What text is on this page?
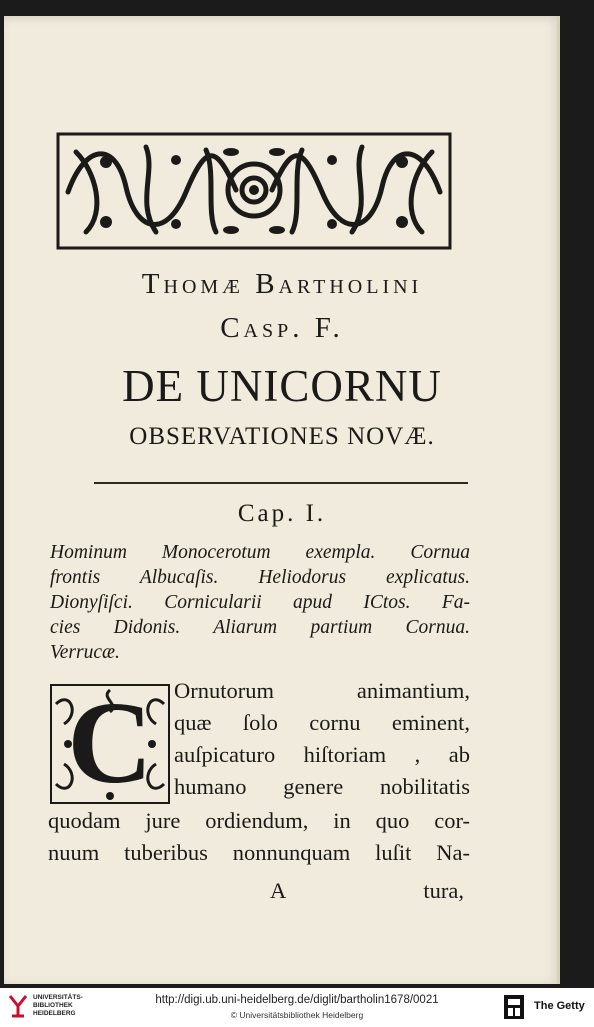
Thomæ Bartholini
Casp. F.
DE UNICORNU
OBSERVATIONES NOVÆ.
Cap. I.
Hominum Monocerotum exempla. Cornua
frontis Albucaſis. Heliodorus explicatus.
Dionyſiſci. Cornicularii apud ICtos. Fa-
cies Didonis. Aliarum partium Cornua.
Verrucæ.
C Ornutorum animantium,
quæ ſolo cornu eminent,
auſpicaturo hiſtoriam , ab
humano genere nobilitatis
quodam jure ordiendum, in quo cor-
nuum tuberibus nonnunquam luſit Na-
A	tura,
UNIVERSITÄTS-
BIBLIOTHEK
HEIDELBERG
http://digi.ub.uni-heidelberg.de/diglit/bartholin1678/0021
© Universitätsbibliothek Heidelberg
The Getty
